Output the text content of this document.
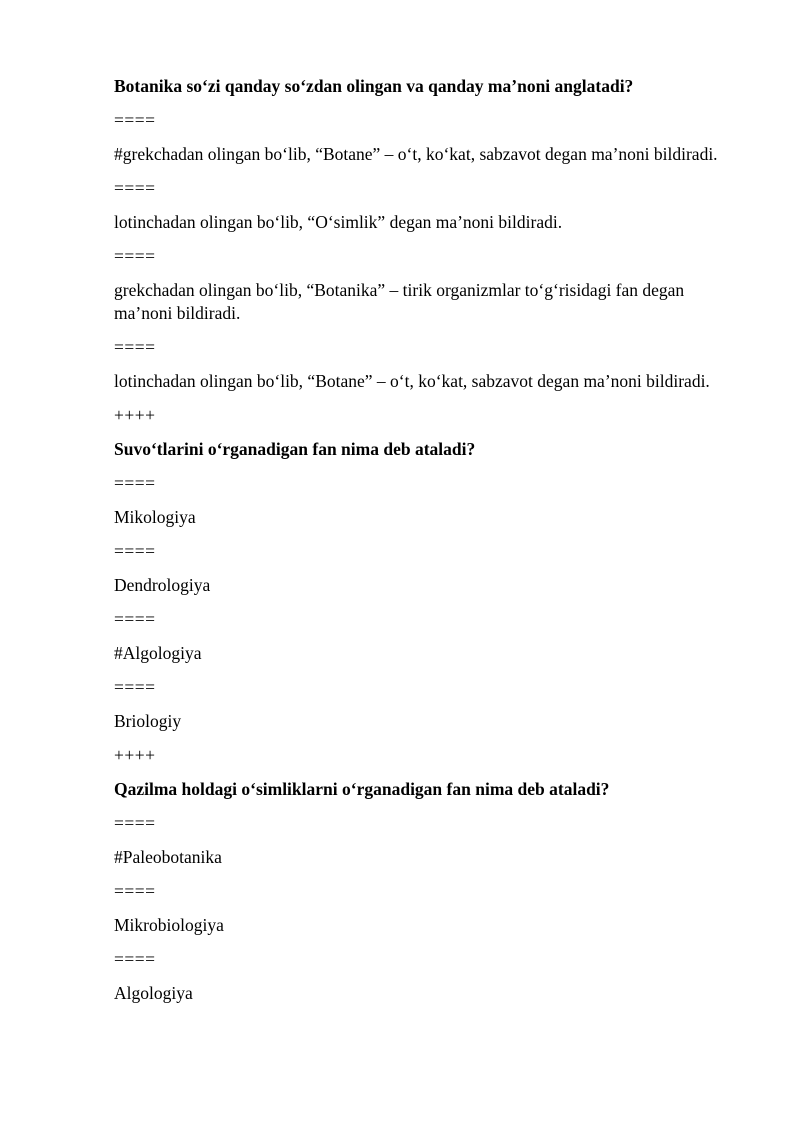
Botanika so‘zi qanday so‘zdan olingan va qanday ma’noni anglatadi?

====

#grekchadan olingan bo‘lib, “Botane” – o‘t, ko‘kat, sabzavot degan ma’noni bildiradi.

====

lotinchadan olingan bo‘lib, “O‘simlik” degan ma’noni bildiradi.

====

grekchadan olingan bo‘lib, “Botanika” – tirik organizmlar to‘g‘risidagi fan degan ma’noni bildiradi.

====

lotinchadan olingan bo‘lib, “Botane” – o‘t, ko‘kat, sabzavot degan ma’noni bildiradi.

++++

Suvo‘tlarini o‘rganadigan fan nima deb ataladi?

====

Mikologiya

====

Dendrologiya

====

#Algologiya

====

Briologiy

++++

Qazilma holdagi o‘simliklarni o‘rganadigan fan nima deb ataladi?

====

#Paleobotanika

====

Mikrobiologiya

====

Algologiya
